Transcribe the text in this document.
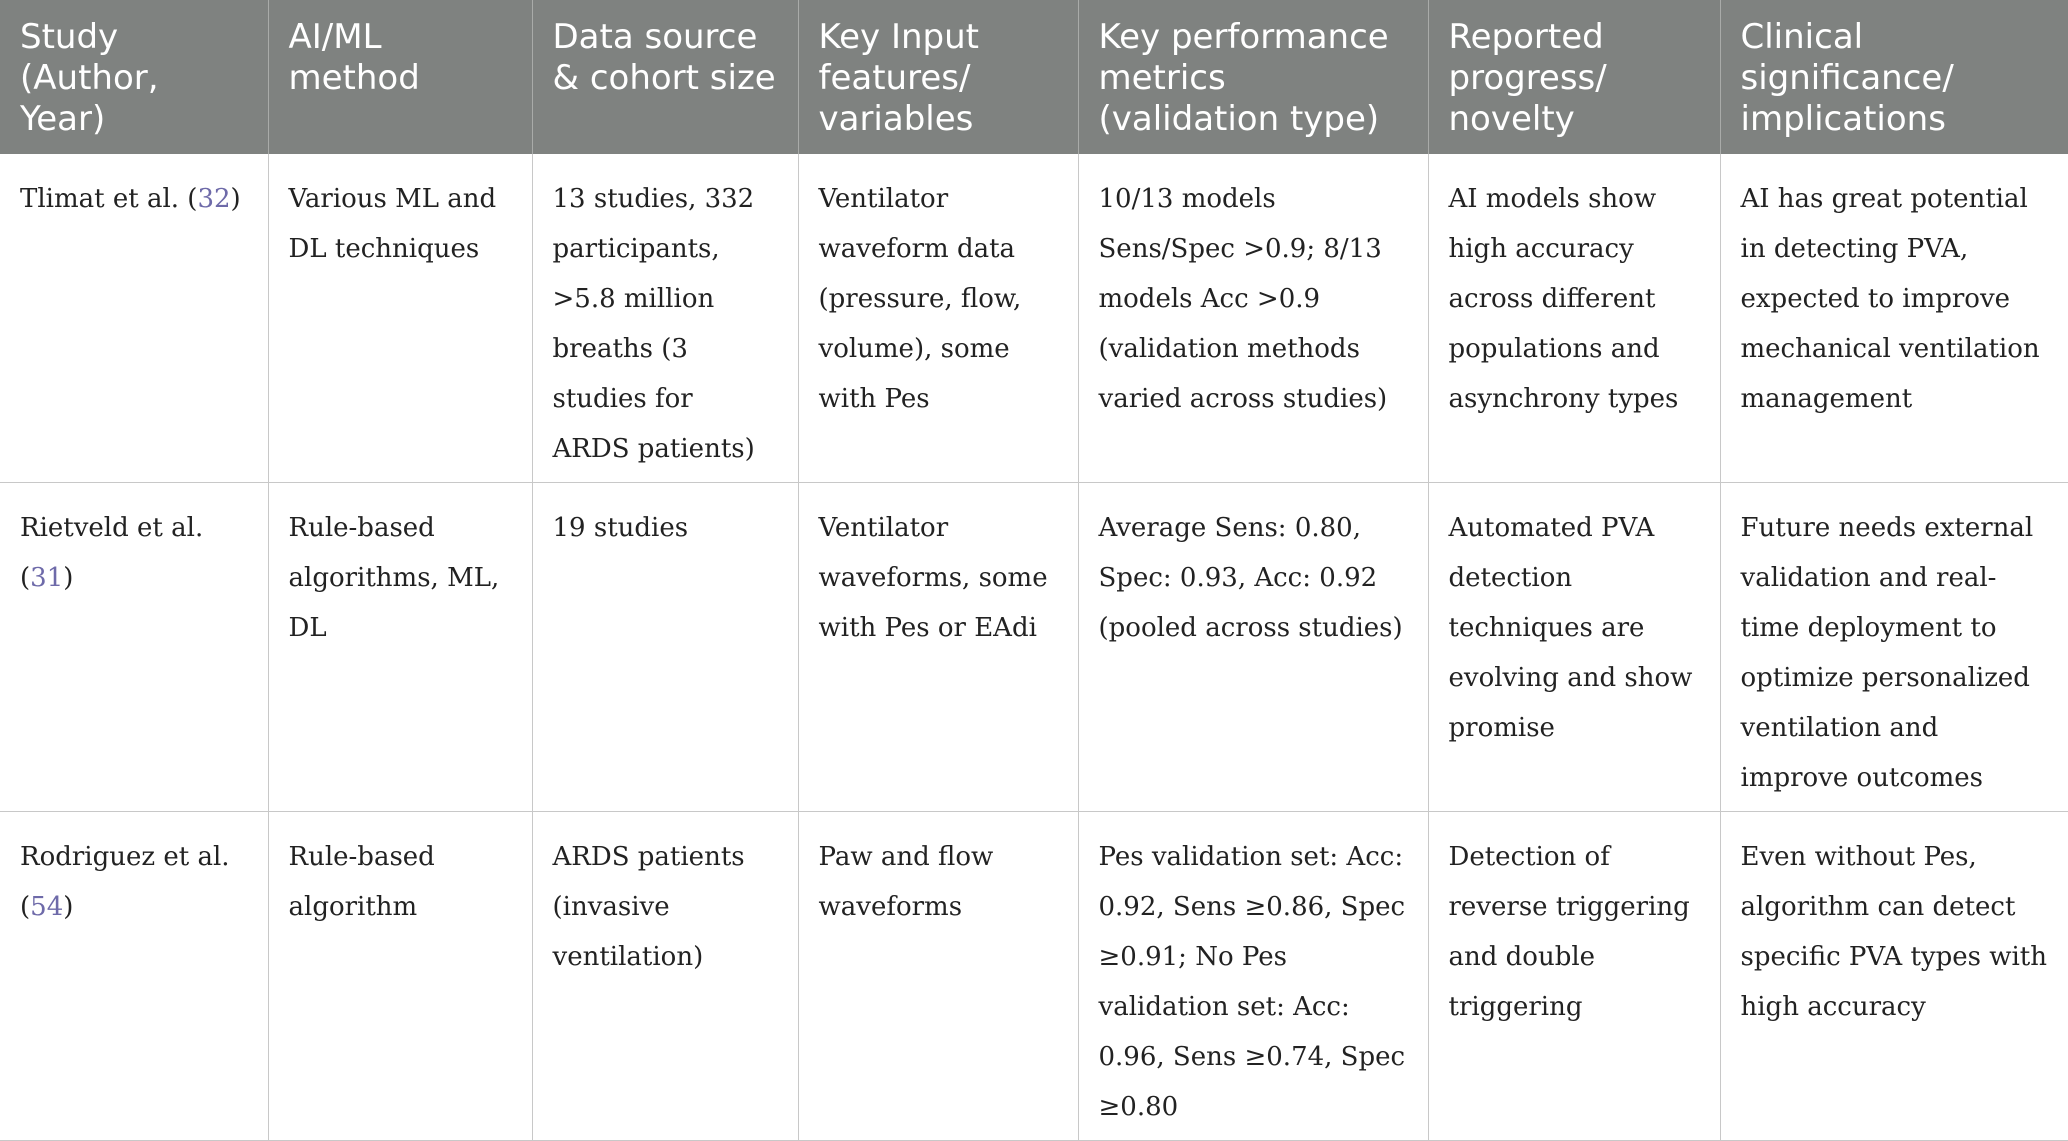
Study (Author, Year)	AI/ML method	Data source & cohort size	Key Input features/ variables	Key performance metrics (validation type)	Reported progress/ novelty	Clinical significance/ implications
Tlimat et al. (32)	Various ML and DL techniques	13 studies, 332 participants, >5.8 million breaths (3 studies for ARDS patients)	Ventilator waveform data (pressure, flow, volume), some with Pes	10/13 models Sens/Spec >0.9; 8/13 models Acc >0.9 (validation methods varied across studies)	AI models show high accuracy across different populations and asynchrony types	AI has great potential in detecting PVA, expected to improve mechanical ventilation management
Rietveld et al. (31)	Rule-based algorithms, ML, DL	19 studies	Ventilator waveforms, some with Pes or EAdi	Average Sens: 0.80, Spec: 0.93, Acc: 0.92 (pooled across studies)	Automated PVA detection techniques are evolving and show promise	Future needs external validation and real-time deployment to optimize personalized ventilation and improve outcomes
Rodriguez et al. (54)	Rule-based algorithm	ARDS patients (invasive ventilation)	Paw and flow waveforms	Pes validation set: Acc: 0.92, Sens ≥0.86, Spec ≥0.91; No Pes validation set: Acc: 0.96, Sens ≥0.74, Spec ≥0.80	Detection of reverse triggering and double triggering	Even without Pes, algorithm can detect specific PVA types with high accuracy
